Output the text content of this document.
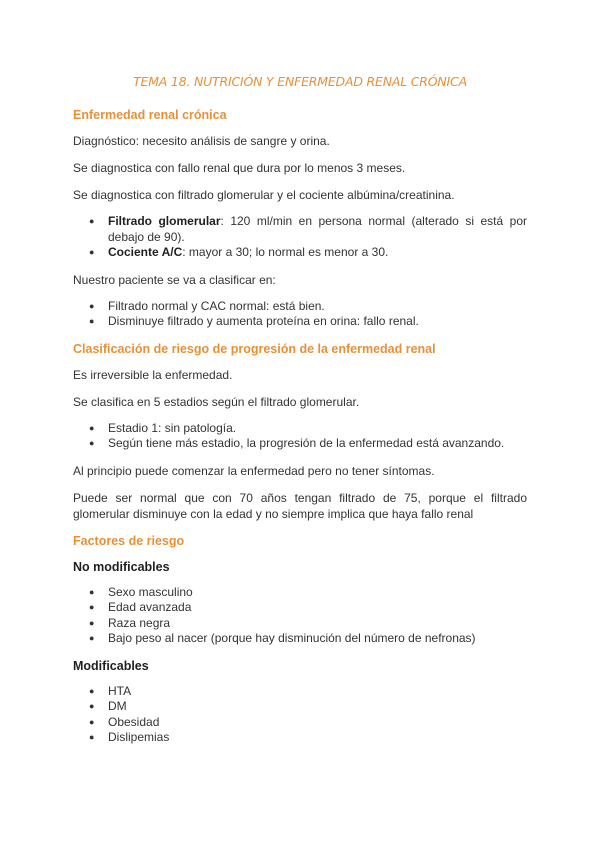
TEMA 18. NUTRICIÓN Y ENFERMEDAD RENAL CRÓNICA
Enfermedad renal crónica

Diagnóstico: necesito análisis de sangre y orina.

Se diagnostica con fallo renal que dura por lo menos 3 meses.

Se diagnostica con filtrado glomerular y el cociente albúmina/creatinina.

● Filtrado glomerular: 120 ml/min en persona normal (alterado si está por debajo de 90).
● Cociente A/C: mayor a 30; lo normal es menor a 30.

Nuestro paciente se va a clasificar en:

● Filtrado normal y CAC normal: está bien.
● Disminuye filtrado y aumenta proteína en orina: fallo renal.
Clasificación de riesgo de progresión de la enfermedad renal

Es irreversible la enfermedad.

Se clasifica en 5 estadios según el filtrado glomerular.

● Estadio 1: sin patología.
● Según tiene más estadio, la progresión de la enfermedad está avanzando.

Al principio puede comenzar la enfermedad pero no tener síntomas.

Puede ser normal que con 70 años tengan filtrado de 75, porque el filtrado glomerular disminuye con la edad y no siempre implica que haya fallo renal

Factores de riesgo
No modificables
● Sexo masculino
● Edad avanzada
● Raza negra
● Bajo peso al nacer (porque hay disminución del número de nefronas)
Modificables
● HTA
● DM
● Obesidad
● Dislipemias
